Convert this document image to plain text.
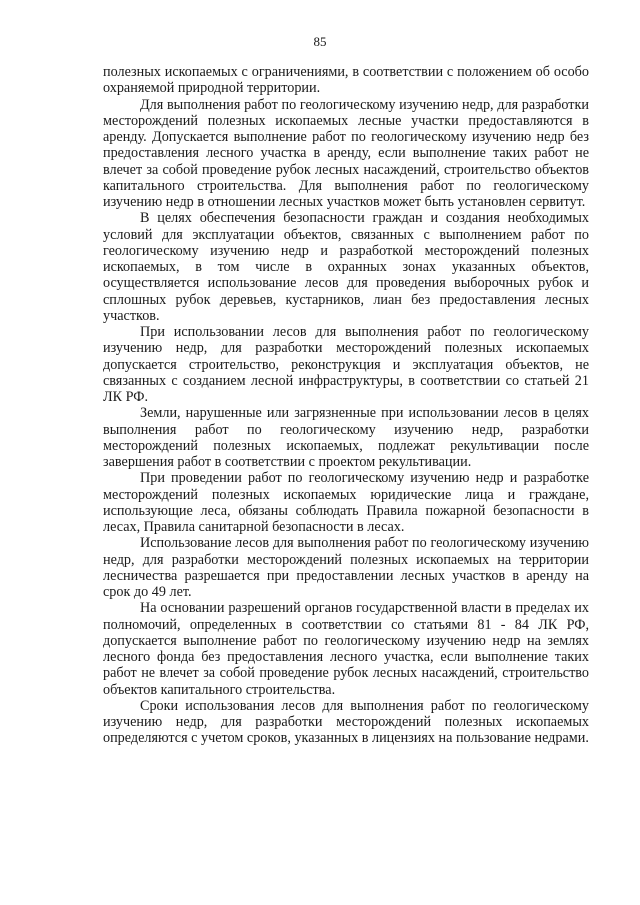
85

полезных ископаемых с ограничениями, в соответствии с положением об особо охраняемой природной территории.

Для выполнения работ по геологическому изучению недр, для разработки месторождений полезных ископаемых лесные участки предоставляются в аренду. Допускается выполнение работ по геологическому изучению недр без предоставления лесного участка в аренду, если выполнение таких работ не влечет за собой проведение рубок лесных насаждений, строительство объектов капитального строительства. Для выполнения работ по геологическому изучению недр в отношении лесных участков может быть установлен сервитут.

В целях обеспечения безопасности граждан и создания необходимых условий для эксплуатации объектов, связанных с выполнением работ по геологическому изучению недр и разработкой месторождений полезных ископаемых, в том числе в охранных зонах указанных объектов, осуществляется использование лесов для проведения выборочных рубок и сплошных рубок деревьев, кустарников, лиан без предоставления лесных участков.

При использовании лесов для выполнения работ по геологическому изучению недр, для разработки месторождений полезных ископаемых допускается строительство, реконструкция и эксплуатация объектов, не связанных с созданием лесной инфраструктуры, в соответствии со статьей 21 ЛК РФ.

Земли, нарушенные или загрязненные при использовании лесов в целях выполнения работ по геологическому изучению недр, разработки месторождений полезных ископаемых, подлежат рекультивации после завершения работ в соответствии с проектом рекультивации.

При проведении работ по геологическому изучению недр и разработке месторождений полезных ископаемых юридические лица и граждане, использующие леса, обязаны соблюдать Правила пожарной безопасности в лесах, Правила санитарной безопасности в лесах.

Использование лесов для выполнения работ по геологическому изучению недр, для разработки месторождений полезных ископаемых на территории лесничества разрешается при предоставлении лесных участков в аренду на срок до 49 лет.

На основании разрешений органов государственной власти в пределах их полномочий, определенных в соответствии со статьями 81 - 84 ЛК РФ, допускается выполнение работ по геологическому изучению недр на землях лесного фонда без предоставления лесного участка, если выполнение таких работ не влечет за собой проведение рубок лесных насаждений, строительство объектов капитального строительства.

Сроки использования лесов для выполнения работ по геологическому изучению недр, для разработки месторождений полезных ископаемых определяются с учетом сроков, указанных в лицензиях на пользование недрами.
